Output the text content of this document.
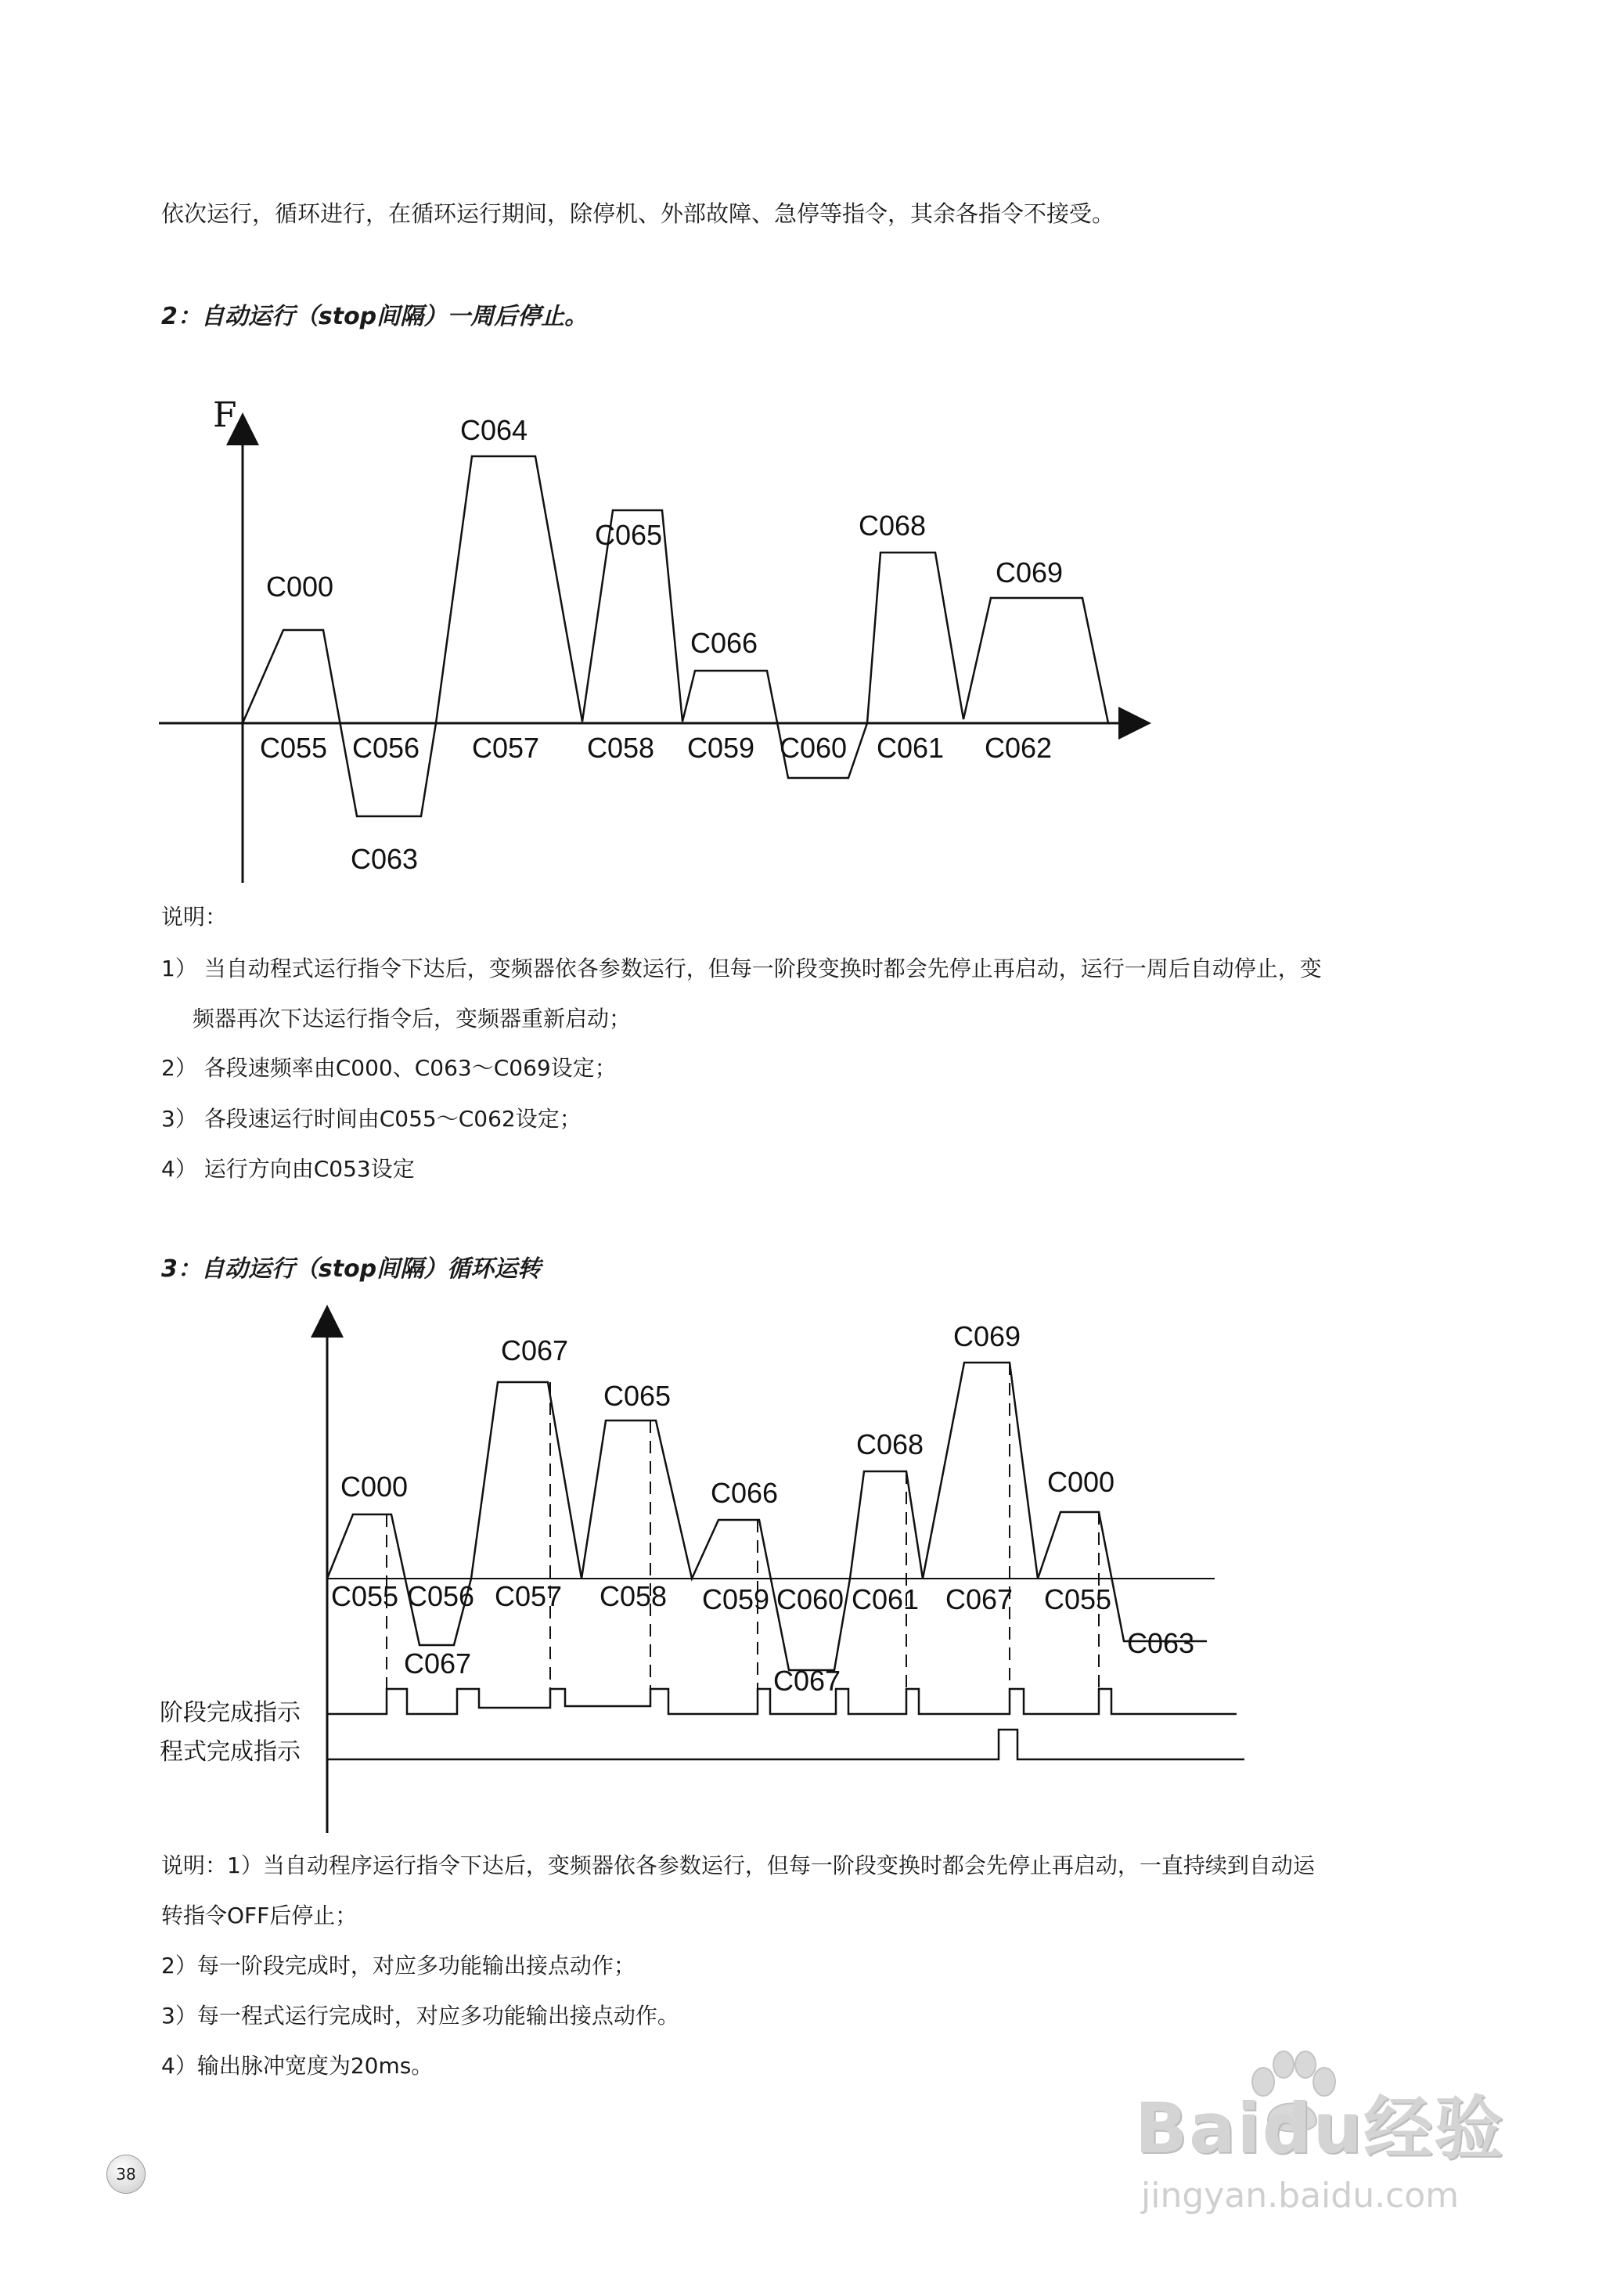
依次运行，循环进行，在循环运行期间，除停机、外部故障、急停等指令，其余各指令不接受。
2：自动运行（stop间隔）一周后停止。
F
C000
C063
C064
C065
C066
C068
C069
C055 C056 C057 C058 C059 C060 C061 C062
说明：
1） 当自动程式运行指令下达后，变频器依各参数运行，但每一阶段变换时都会先停止再启动，运行一周后自动停止，变
频器再次下达运行指令后，变频器重新启动；
2） 各段速频率由C000、C063～C069设定；
3） 各段速运行时间由C055～C062设定；
4） 运行方向由C053设定
3：自动运行（stop间隔）循环运转
C000
C067
C067
C065
C066
C067
C068
C069
C000
C063
C055 C056 C057 C058 C059 C060 C061 C067 C055
阶段完成指示
程式完成指示
说明：1）当自动程序运行指令下达后，变频器依各参数运行，但每一阶段变换时都会先停止再启动，一直持续到自动运
转指令OFF后停止；
2）每一阶段完成时，对应多功能输出接点动作；
3）每一程式运行完成时，对应多功能输出接点动作。
4）输出脉冲宽度为20ms。
38
Baidu经验
jingyan.baidu.com
